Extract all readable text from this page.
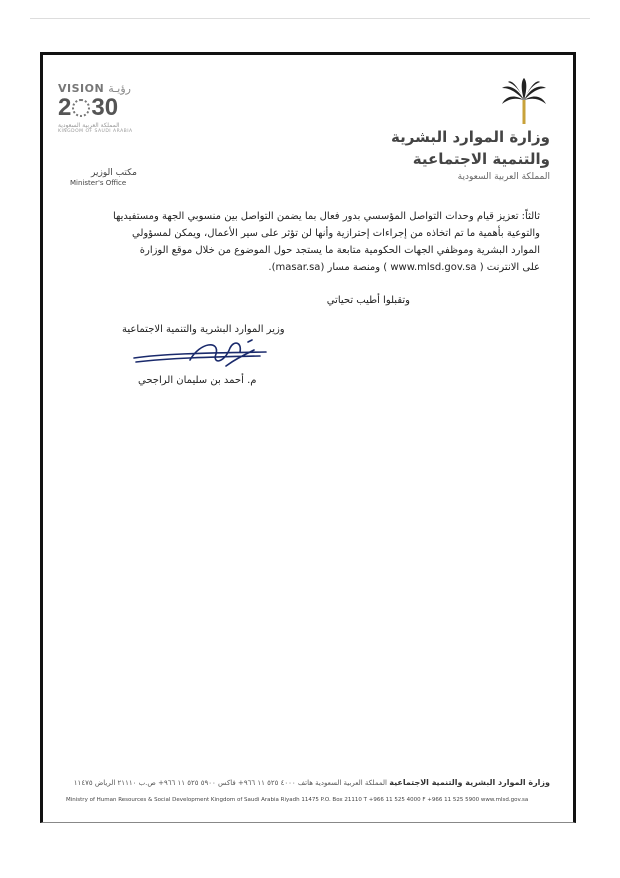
VISION رؤيـة
2 30
المملكة العربية السعودية
KINGDOM OF SAUDI ARABIA
مكتب الوزير
Minister's Office
وزارة الموارد البشرية
والتنمية الاجتماعية
المملكة العربية السعودية

ثالثاً: تعزيز قيام وحدات التواصل المؤسسي بدور فعال بما يضمن التواصل بين منسوبي الجهة ومستفيديها

والتوعية بأهمية ما تم اتخاذه من إجراءات إحترازية وأنها لن تؤثر على سير الأعمال، ويمكن لمسؤولي

الموارد البشرية وموظفي الجهات الحكومية متابعة ما يستجد حول الموضوع من خلال موقع الوزارة

على الانترنت ( www.mlsd.gov.sa ) ومنصة مسار (masar.sa).

وتقبلوا أطيب تحياتي
وزير الموارد البشرية والتنمية الاجتماعية
م. أحمد بن سليمان الراجحي
وزارة الموارد البشرية والتنمية الاجتماعية المملكة العربية السعودية هاتف ٤٠٠٠ ٥٢٥ ١١ ٩٦٦+ فاكس ٥٩٠٠ ٥٢٥ ١١ ٩٦٦+ ص.ب ٢١١١٠ الرياض ١١٤٧٥
Ministry of Human Resources & Social Development Kingdom of Saudi Arabia Riyadh 11475 P.O. Box 21110 T +966 11 525 4000 F +966 11 525 5900 www.mlsd.gov.sa
